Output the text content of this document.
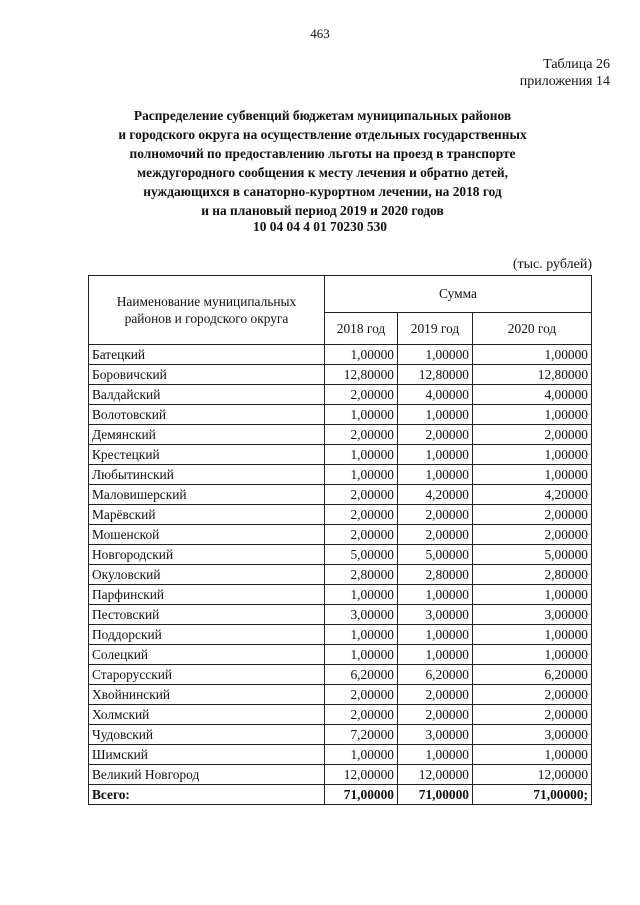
463
Таблица 26
приложения 14
Распределение субвенций бюджетам муниципальных районов
и городского округа на осуществление отдельных государственных
полномочий по предоставлению льготы на проезд в транспорте
междугородного сообщения к месту лечения и обратно детей,
нуждающихся в санаторно-курортном лечении, на 2018 год
и на плановый период 2019 и 2020 годов
10 04 04 4 01 70230 530
(тыс. рублей)
Наименование муниципальных районов и городского округа	Сумма		
	2018 год	2019 год	2020 год
Батецкий	1,00000	1,00000	1,00000
Боровичский	12,80000	12,80000	12,80000
Валдайский	2,00000	4,00000	4,00000
Волотовский	1,00000	1,00000	1,00000
Демянский	2,00000	2,00000	2,00000
Крестецкий	1,00000	1,00000	1,00000
Любытинский	1,00000	1,00000	1,00000
Маловишерский	2,00000	4,20000	4,20000
Марёвский	2,00000	2,00000	2,00000
Мошенской	2,00000	2,00000	2,00000
Новгородский	5,00000	5,00000	5,00000
Окуловский	2,80000	2,80000	2,80000
Парфинский	1,00000	1,00000	1,00000
Пестовский	3,00000	3,00000	3,00000
Поддорский	1,00000	1,00000	1,00000
Солецкий	1,00000	1,00000	1,00000
Старорусский	6,20000	6,20000	6,20000
Хвойнинский	2,00000	2,00000	2,00000
Холмский	2,00000	2,00000	2,00000
Чудовский	7,20000	3,00000	3,00000
Шимский	1,00000	1,00000	1,00000
Великий Новгород	12,00000	12,00000	12,00000
Всего:	71,00000	71,00000	71,00000;
